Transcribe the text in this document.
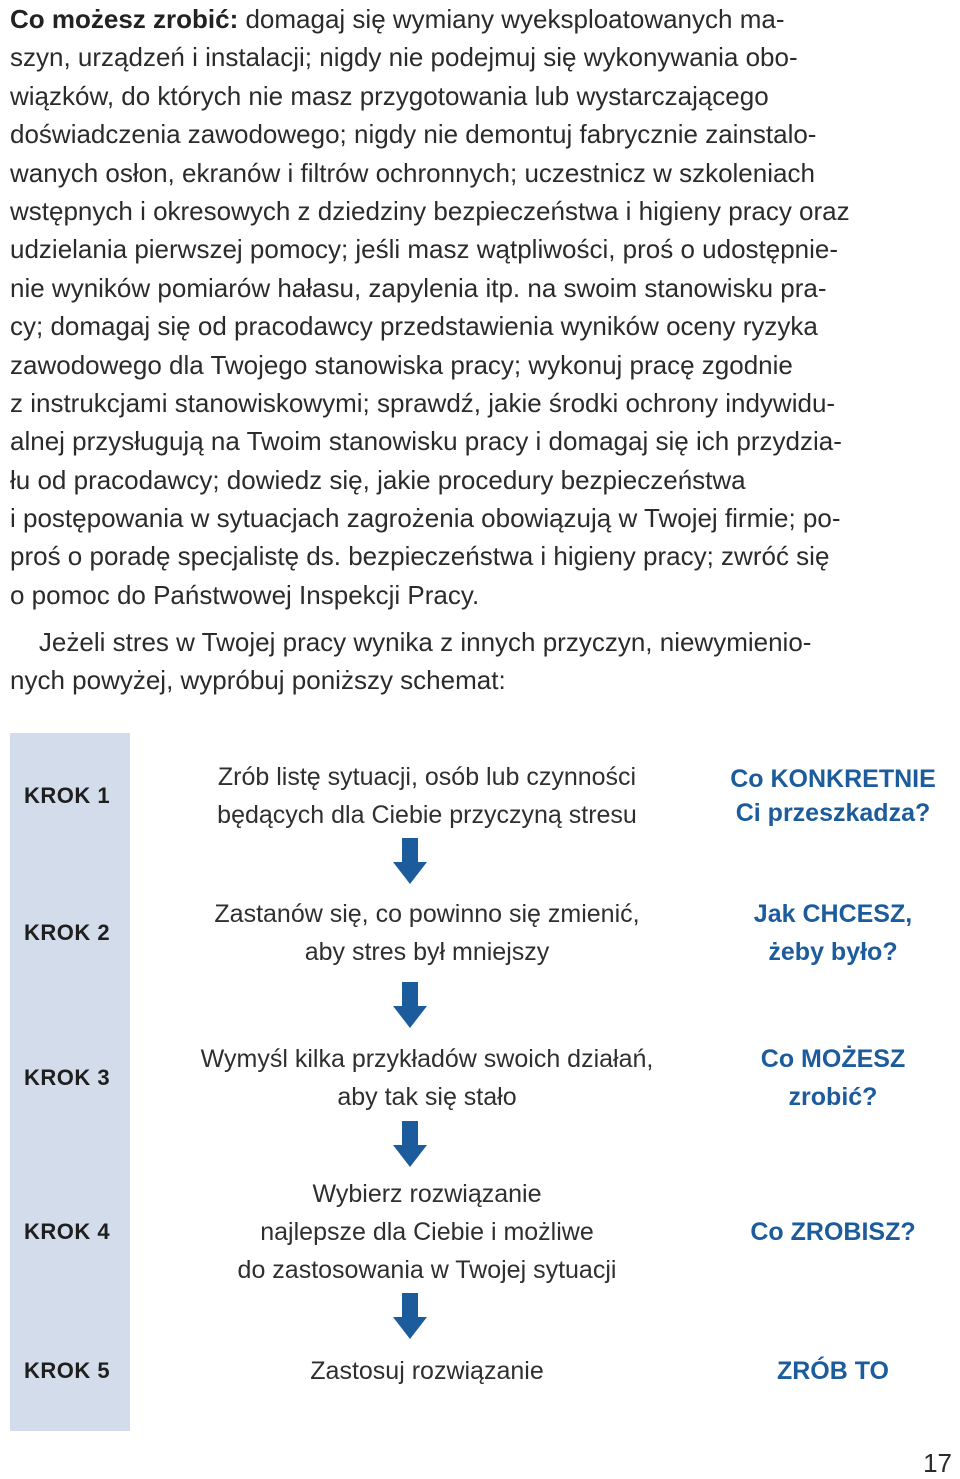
Co możesz zrobić: domagaj się wymiany wyeksploatowanych ma-
szyn, urządzeń i instalacji; nigdy nie podejmuj się wykonywania obo-
wiązków, do których nie masz przygotowania lub wystarczającego
doświadczenia zawodowego; nigdy nie demontuj fabrycznie zainstalo-
wanych osłon, ekranów i filtrów ochronnych; uczestnicz w szkoleniach
wstępnych i okresowych z dziedziny bezpieczeństwa i higieny pracy oraz
udzielania pierwszej pomocy; jeśli masz wątpliwości, proś o udostępnie-
nie wyników pomiarów hałasu, zapylenia itp. na swoim stanowisku pra-
cy; domagaj się od pracodawcy przedstawienia wyników oceny ryzyka
zawodowego dla Twojego stanowiska pracy; wykonuj pracę zgodnie
z instrukcjami stanowiskowymi; sprawdź, jakie środki ochrony indywidu-
alnej przysługują na Twoim stanowisku pracy i domagaj się ich przydzia-
łu od pracodawcy; dowiedz się, jakie procedury bezpieczeństwa
i postępowania w sytuacjach zagrożenia obowiązują w Twojej firmie; po-
proś o poradę specjalistę ds. bezpieczeństwa i higieny pracy; zwróć się
o pomoc do Państwowej Inspekcji Pracy.
Jeżeli stres w Twojej pracy wynika z innych przyczyn, niewymienio-
nych powyżej, wypróbuj poniższy schemat:
KROK 1
KROK 2
KROK 3
KROK 4
KROK 5
Zrób listę sytuacji, osób lub czynności
będących dla Ciebie przyczyną stresu
Co KONKRETNIE
Ci przeszkadza?
Zastanów się, co powinno się zmienić,
aby stres był mniejszy
Jak CHCESZ,
żeby było?
Wymyśl kilka przykładów swoich działań,
aby tak się stało
Co MOŻESZ
zrobić?
Wybierz rozwiązanie
najlepsze dla Ciebie i możliwe
do zastosowania w Twojej sytuacji
Co ZROBISZ?
Zastosuj rozwiązanie	ZRÓB TO
17
